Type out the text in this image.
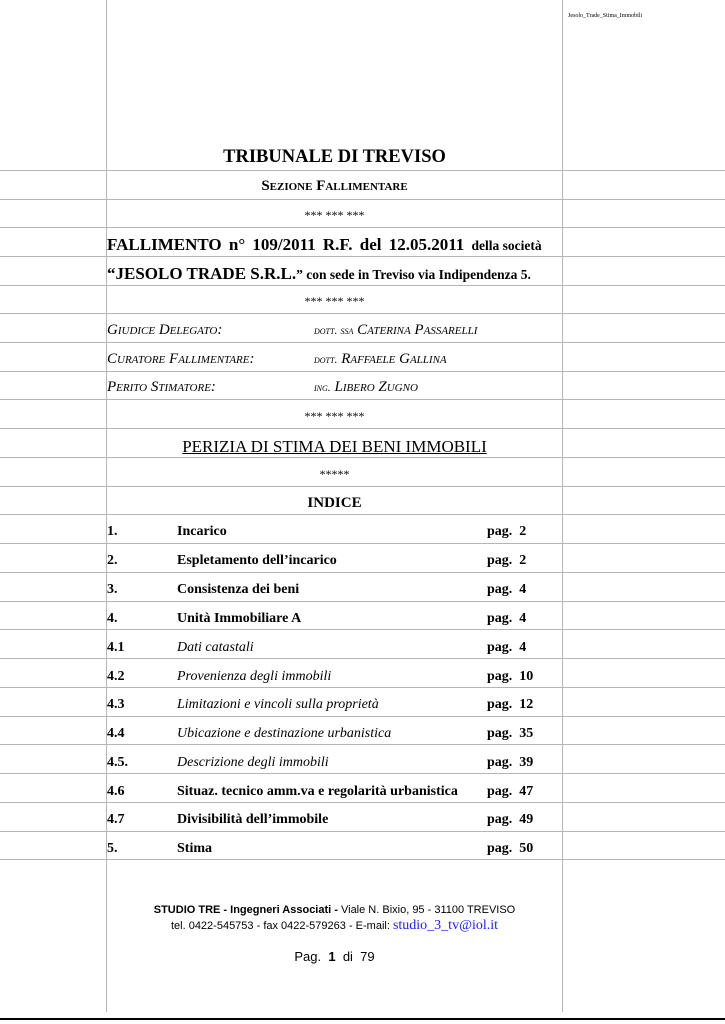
Jesolo_Trade_Stima_Immobili
TRIBUNALE DI TREVISO
Sezione Fallimentare
*** *** ***
FALLIMENTO n° 109/2011 R.F. del 12.05.2011 della società
“JESOLO TRADE S.R.L.” con sede in Treviso via Indipendenza 5.
*** *** ***
Giudice Delegato:	dott. ssa Caterina Passarelli
Curatore Fallimentare:	dott. Raffaele Gallina
Perito Stimatore:	ing. Libero Zugno
*** *** ***
PERIZIA DI STIMA DEI BENI IMMOBILI
*****
INDICE
1.	Incarico	pag.  2
2.	Espletamento dell’incarico	pag.  2
3.	Consistenza dei beni	pag.  4
4.	Unità Immobiliare A	pag.  4
4.1	Dati catastali	pag.  4
4.2	Provenienza degli immobili	pag.  10
4.3	Limitazioni e vincoli sulla proprietà	pag.  12
4.4	Ubicazione e destinazione urbanistica	pag.  35
4.5.	Descrizione degli immobili	pag.  39
4.6	Situaz. tecnico amm.va e regolarità urbanistica pag.  47
4.7	Divisibilità dell’immobile	pag.  49
5.	Stima	pag.  50
STUDIO TRE - Ingegneri Associati - Viale N. Bixio, 95 - 31100 TREVISO
tel. 0422-545753 - fax 0422-579263 - E-mail: studio_3_tv@iol.it
Pag. 1 di 79
